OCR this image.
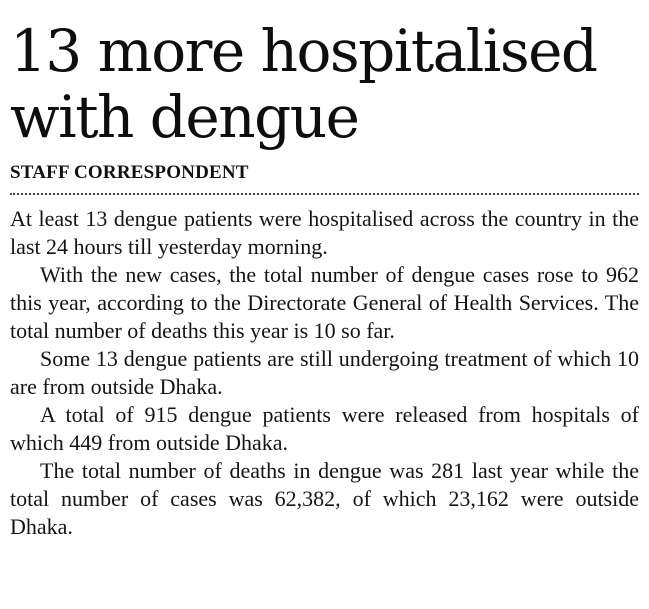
13 more hospitalised
with dengue
STAFF CORRESPONDENT

At least 13 dengue patients were hospitalised across the country in the last 24 hours till yesterday morning.

With the new cases, the total number of dengue cases rose to 962 this year, according to the Directorate General of Health Services. The total number of deaths this year is 10 so far.

Some 13 dengue patients are still undergoing treatment of which 10 are from outside Dhaka.

A total of 915 dengue patients were released from hospitals of which 449 from outside Dhaka.

The total number of deaths in dengue was 281 last year while the total number of cases was 62,382, of which 23,162 were outside Dhaka.
